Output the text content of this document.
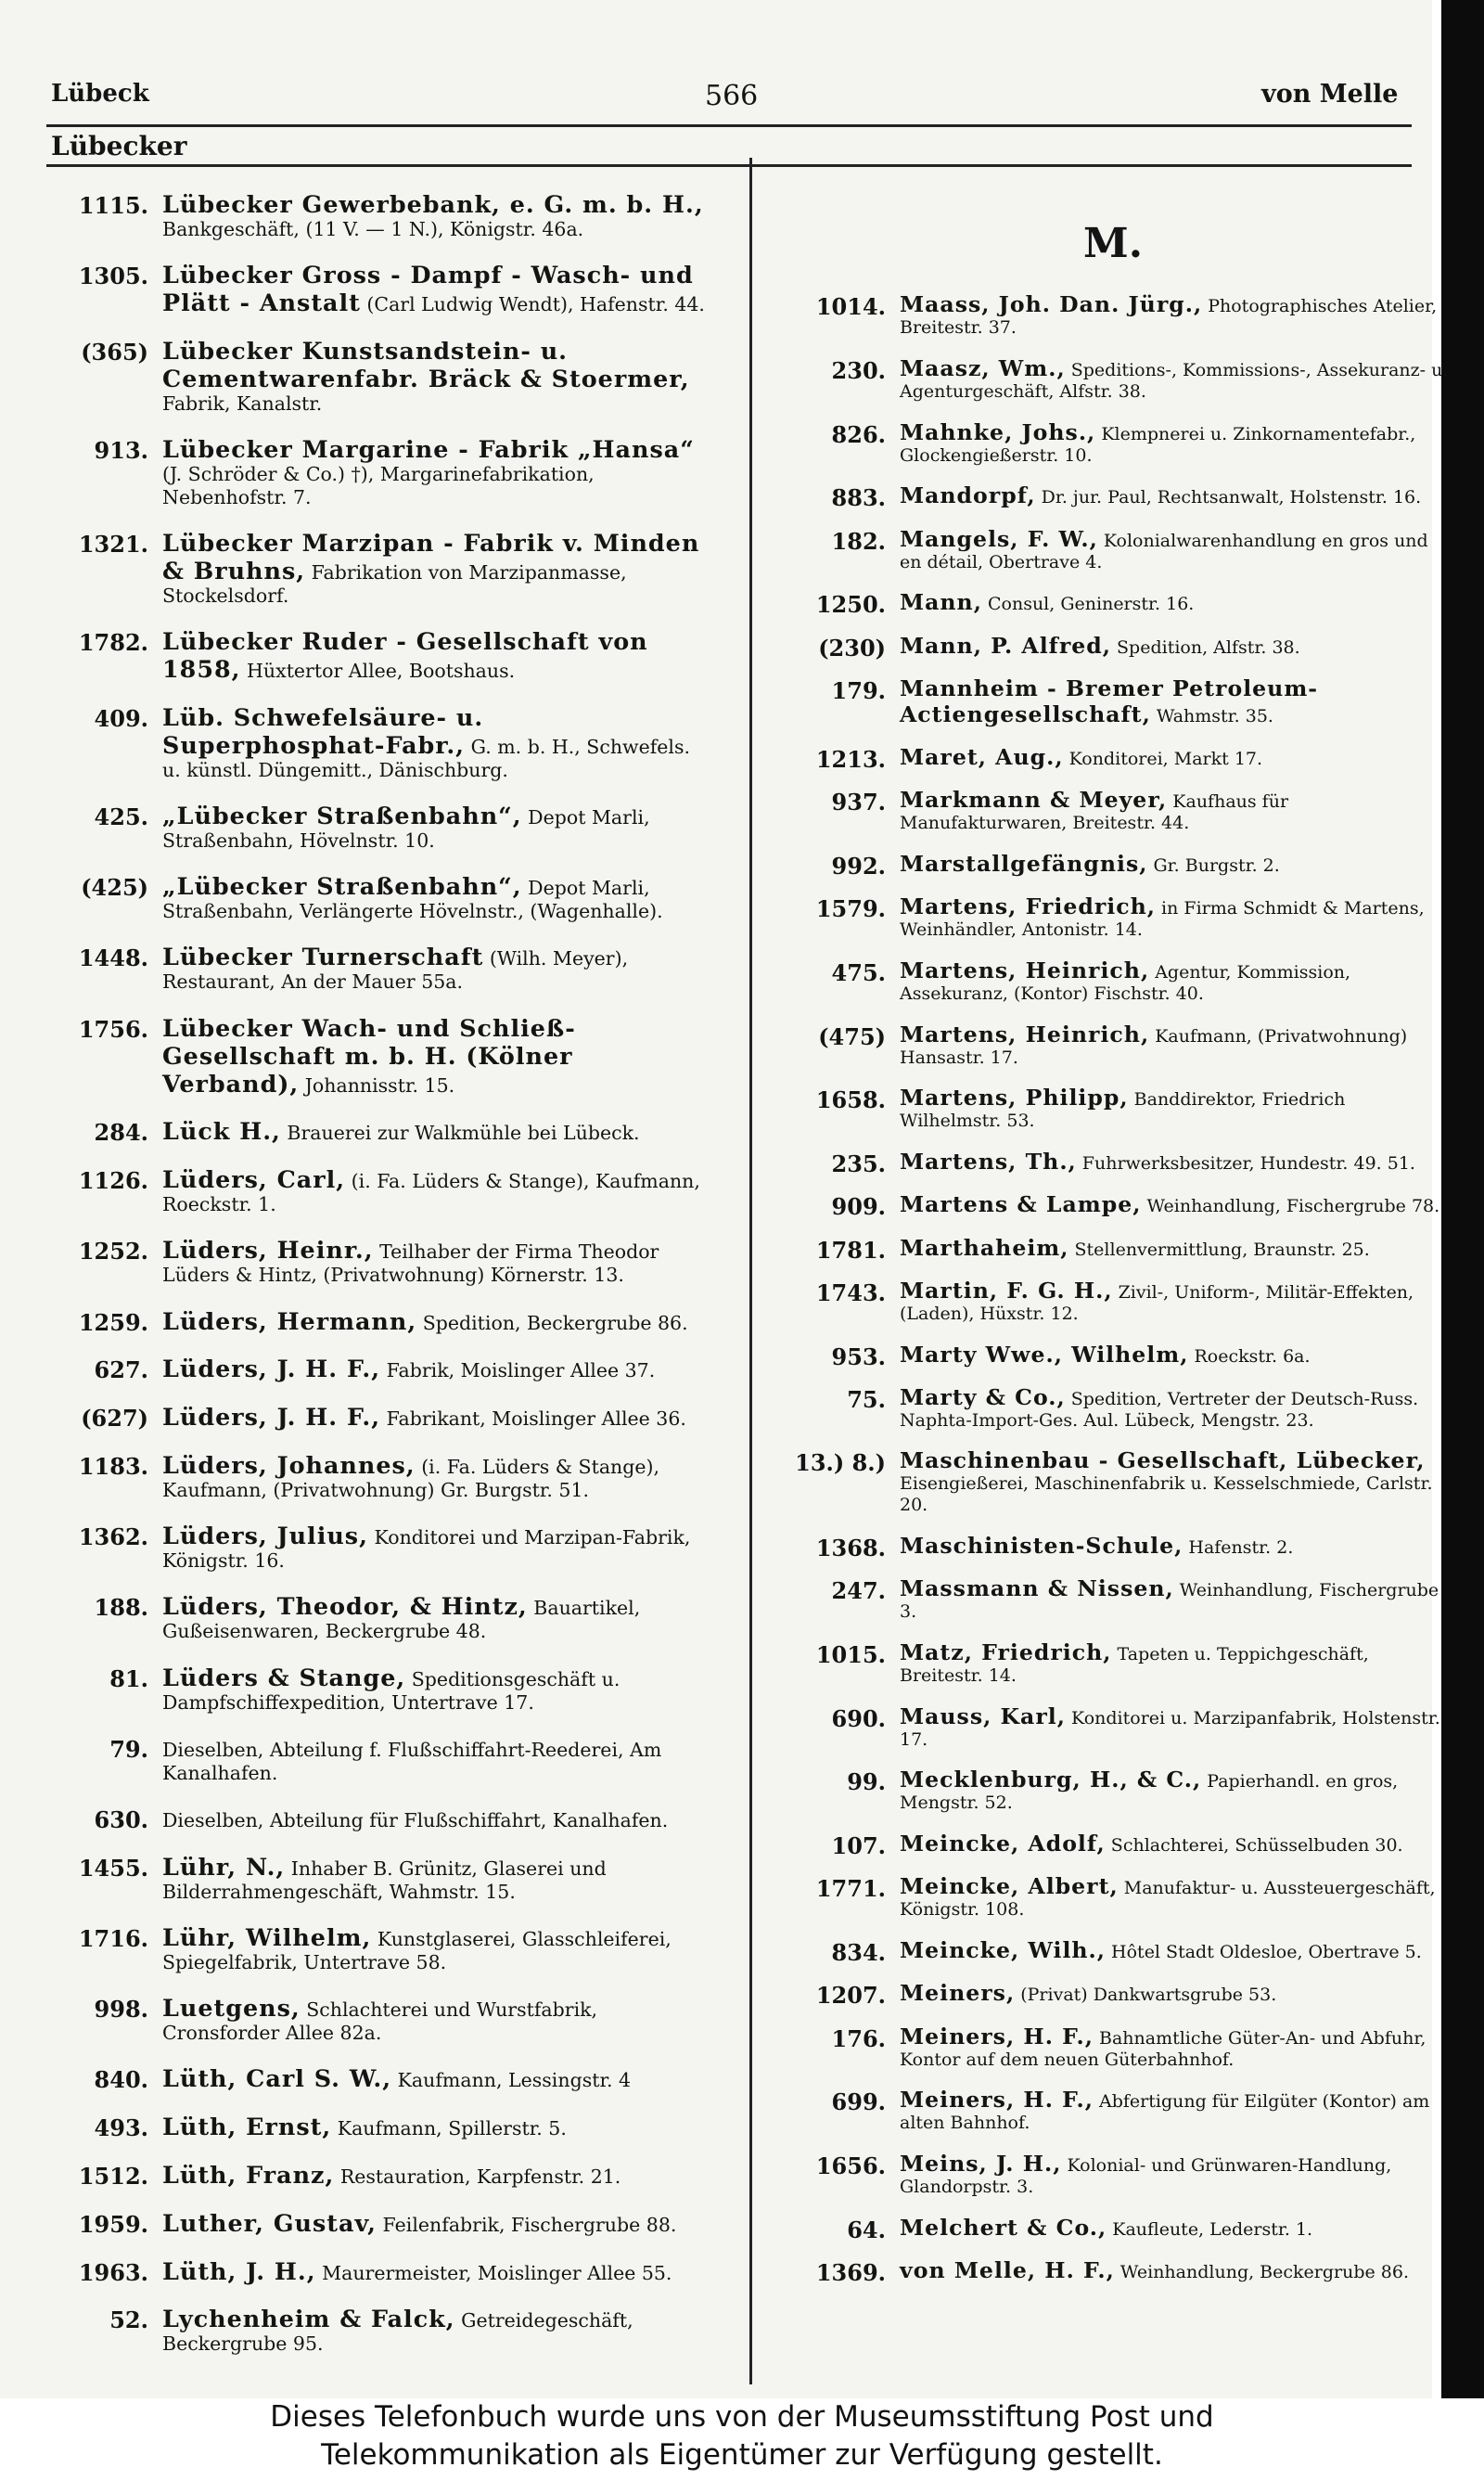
Lübeck	566	von Melle
Lübecker
1115. Lübecker Gewerbebank, e. G. m. b. H., Bankgeschäft, (11 V. — 1 N.), Königstr. 46a.
1305. Lübecker Gross - Dampf - Wasch- und Plätt - Anstalt (Carl Ludwig Wendt), Hafenstr. 44.
(365) Lübecker Kunstsandstein- u. Cementwarenfabr. Bräck & Stoermer, Fabrik, Kanalstr.
913. Lübecker Margarine - Fabrik „Hansa“ (J. Schröder & Co.) †), Margarinefabrikation, Nebenhofstr. 7.
1321. Lübecker Marzipan - Fabrik v. Minden & Bruhns, Fabrikation von Marzipanmasse, Stockelsdorf.
1782. Lübecker Ruder - Gesellschaft von 1858, Hüxtertor Allee, Bootshaus.
409. Lüb. Schwefelsäure- u. Superphosphat-Fabr., G. m. b. H., Schwefels. u. künstl. Düngemitt., Dänischburg.
425. „Lübecker Straßenbahn“, Depot Marli, Straßenbahn, Hövelnstr. 10.
(425) „Lübecker Straßenbahn“, Depot Marli, Straßenbahn, Verlängerte Hövelnstr., (Wagenhalle).
1448. Lübecker Turnerschaft (Wilh. Meyer), Restaurant, An der Mauer 55a.
1756. Lübecker Wach- und Schließ-Gesellschaft m. b. H. (Kölner Verband), Johannisstr. 15.
284. Lück H., Brauerei zur Walkmühle bei Lübeck.
1126. Lüders, Carl, (i. Fa. Lüders & Stange), Kaufmann, Roeckstr. 1.
1252. Lüders, Heinr., Teilhaber der Firma Theodor Lüders & Hintz, (Privatwohnung) Körnerstr. 13.
1259. Lüders, Hermann, Spedition, Beckergrube 86.
627. Lüders, J. H. F., Fabrik, Moislinger Allee 37.
(627) Lüders, J. H. F., Fabrikant, Moislinger Allee 36.
1183. Lüders, Johannes, (i. Fa. Lüders & Stange), Kaufmann, (Privatwohnung) Gr. Burgstr. 51.
1362. Lüders, Julius, Konditorei und Marzipan-Fabrik, Königstr. 16.
188. Lüders, Theodor, & Hintz, Bauartikel, Gußeisenwaren, Beckergrube 48.
81. Lüders & Stange, Speditionsgeschäft u. Dampfschiffexpedition, Untertrave 17.
79. Dieselben, Abteilung f. Flußschiffahrt-Reederei, Am Kanalhafen.
630. Dieselben, Abteilung für Flußschiffahrt, Kanalhafen.
1455. Lühr, N., Inhaber B. Grünitz, Glaserei und Bilderrahmengeschäft, Wahmstr. 15.
1716. Lühr, Wilhelm, Kunstglaserei, Glasschleiferei, Spiegelfabrik, Untertrave 58.
998. Luetgens, Schlachterei und Wurstfabrik, Cronsforder Allee 82a.
840. Lüth, Carl S. W., Kaufmann, Lessingstr. 4
493. Lüth, Ernst, Kaufmann, Spillerstr. 5.
1512. Lüth, Franz, Restauration, Karpfenstr. 21.
1959. Luther, Gustav, Feilenfabrik, Fischergrube 88.
1963. Lüth, J. H., Maurermeister, Moislinger Allee 55.
52. Lychenheim & Falck, Getreidegeschäft, Beckergrube 95.
M.
1014. Maass, Joh. Dan. Jürg., Photographisches Atelier, Breitestr. 37.
230. Maasz, Wm., Speditions-, Kommissions-, Assekuranz- u. Agenturgeschäft, Alfstr. 38.
826. Mahnke, Johs., Klempnerei u. Zinkornamentefabr., Glockengießerstr. 10.
883. Mandorpf, Dr. jur. Paul, Rechtsanwalt, Holstenstr. 16.
182. Mangels, F. W., Kolonialwarenhandlung en gros und en détail, Obertrave 4.
1250. Mann, Consul, Geninerstr. 16.
(230) Mann, P. Alfred, Spedition, Alfstr. 38.
179. Mannheim - Bremer Petroleum-Actiengesellschaft, Wahmstr. 35.
1213. Maret, Aug., Konditorei, Markt 17.
937. Markmann & Meyer, Kaufhaus für Manufakturwaren, Breitestr. 44.
992. Marstallgefängnis, Gr. Burgstr. 2.
1579. Martens, Friedrich, in Firma Schmidt & Martens, Weinhändler, Antonistr. 14.
475. Martens, Heinrich, Agentur, Kommission, Assekuranz, (Kontor) Fischstr. 40.
(475) Martens, Heinrich, Kaufmann, (Privatwohnung) Hansastr. 17.
1658. Martens, Philipp, Banddirektor, Friedrich Wilhelmstr. 53.
235. Martens, Th., Fuhrwerksbesitzer, Hundestr. 49. 51.
909. Martens & Lampe, Weinhandlung, Fischergrube 78.
1781. Marthaheim, Stellenvermittlung, Braunstr. 25.
1743. Martin, F. G. H., Zivil-, Uniform-, Militär-Effekten, (Laden), Hüxstr. 12.
953. Marty Wwe., Wilhelm, Roeckstr. 6a.
75. Marty & Co., Spedition, Vertreter der Deutsch-Russ. Naphta-Import-Ges. Aul. Lübeck, Mengstr. 23.
13.) 8.) Maschinenbau - Gesellschaft, Lübecker, Eisengießerei, Maschinenfabrik u. Kesselschmiede, Carlstr. 20.
1368. Maschinisten-Schule, Hafenstr. 2.
247. Massmann & Nissen, Weinhandlung, Fischergrube 3.
1015. Matz, Friedrich, Tapeten u. Teppichgeschäft, Breitestr. 14.
690. Mauss, Karl, Konditorei u. Marzipanfabrik, Holstenstr. 17.
99. Mecklenburg, H., & C., Papierhandl. en gros, Mengstr. 52.
107. Meincke, Adolf, Schlachterei, Schüsselbuden 30.
1771. Meincke, Albert, Manufaktur- u. Aussteuergeschäft, Königstr. 108.
834. Meincke, Wilh., Hôtel Stadt Oldesloe, Obertrave 5.
1207. Meiners, (Privat) Dankwartsgrube 53.
176. Meiners, H. F., Bahnamtliche Güter-An- und Abfuhr, Kontor auf dem neuen Güterbahnhof.
699. Meiners, H. F., Abfertigung für Eilgüter (Kontor) am alten Bahnhof.
1656. Meins, J. H., Kolonial- und Grünwaren-Handlung, Glandorpstr. 3.
64. Melchert & Co., Kaufleute, Lederstr. 1.
1369. von Melle, H. F., Weinhandlung, Beckergrube 86.
Dieses Telefonbuch wurde uns von der Museumsstiftung Post und
Telekommunikation als Eigentümer zur Verfügung gestellt.
